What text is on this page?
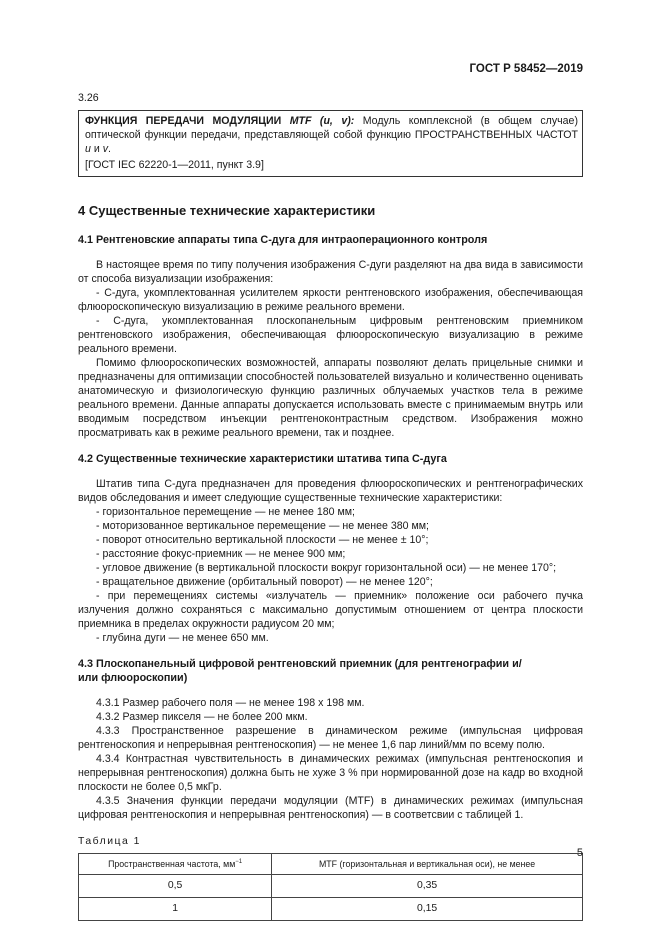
ГОСТ Р 58452—2019
3.26

ФУНКЦИЯ ПЕРЕДАЧИ МОДУЛЯЦИИ MTF (u, v): Модуль комплексной (в общем случае) оптической функции передачи, представляющей собой функцию ПРОСТРАНСТВЕННЫХ ЧАСТОТ u и v.

[ГОСТ IEC 62220-1—2011, пункт 3.9]

4 Существенные технические характеристики
4.1 Рентгеновские аппараты типа С-дуга для интраоперационного контроля

В настоящее время по типу получения изображения С-дуги разделяют на два вида в зависимости от способа визуализации изображения:

- С-дуга, укомплектованная усилителем яркости рентгеновского изображения, обеспечивающая флюороскопическую визуализацию в режиме реального времени.

- С-дуга, укомплектованная плоскопанельным цифровым рентгеновским приемником рентгеновского изображения, обеспечивающая флюороскопическую визуализацию в режиме реального времени.

Помимо флюороскопических возможностей, аппараты позволяют делать прицельные снимки и предназначены для оптимизации способностей пользователей визуально и количественно оценивать анатомическую и физиологическую функцию различных облучаемых участков тела в режиме реального времени. Данные аппараты допускается использовать вместе с принимаемым внутрь или вводимым посредством инъекции рентгеноконтрастным средством. Изображения можно просматривать как в режиме реального времени, так и позднее.

4.2 Существенные технические характеристики штатива типа С-дуга

Штатив типа С-дуга предназначен для проведения флюороскопических и рентгенографических видов обследования и имеет следующие существенные технические характеристики:

- горизонтальное перемещение — не менее 180 мм;

- моторизованное вертикальное перемещение — не менее 380 мм;

- поворот относительно вертикальной плоскости — не менее ± 10°;

- расстояние фокус-приемник — не менее 900 мм;

- угловое движение (в вертикальной плоскости вокруг горизонтальной оси) — не менее 170°;

- вращательное движение (орбитальный поворот) — не менее 120°;

- при перемещениях системы «излучатель — приемник» положение оси рабочего пучка излучения должно сохраняться с максимально допустимым отношением от центра плоскости приемника в пределах окружности радиусом 20 мм;

- глубина дуги — не менее 650 мм.

4.3 Плоскопанельный цифровой рентгеновский приемник (для рентгенографии и/или флюороскопии)

4.3.1 Размер рабочего поля — не менее 198 х 198 мм.

4.3.2 Размер пикселя — не более 200 мкм.

4.3.3 Пространственное разрешение в динамическом режиме (импульсная цифровая рентгеноскопия и непрерывная рентгеноскопия) — не менее 1,6 пар линий/мм по всему полю.

4.3.4 Контрастная чувствительность в динамических режимах (импульсная рентгеноскопия и непрерывная рентгеноскопия) должна быть не хуже 3 % при нормированной дозе на кадр во входной плоскости не более 0,5 мкГр.

4.3.5 Значения функции передачи модуляции (MTF) в динамических режимах (импульсная цифровая рентгеноскопия и непрерывная рентгеноскопия) — в соответсвии с таблицей 1.

Таблица 1
Пространственная частота, $мм^{-1}$	MTF (горизонтальная и вертикальная оси), не менее
0,5	0,35
1	0,15
5
